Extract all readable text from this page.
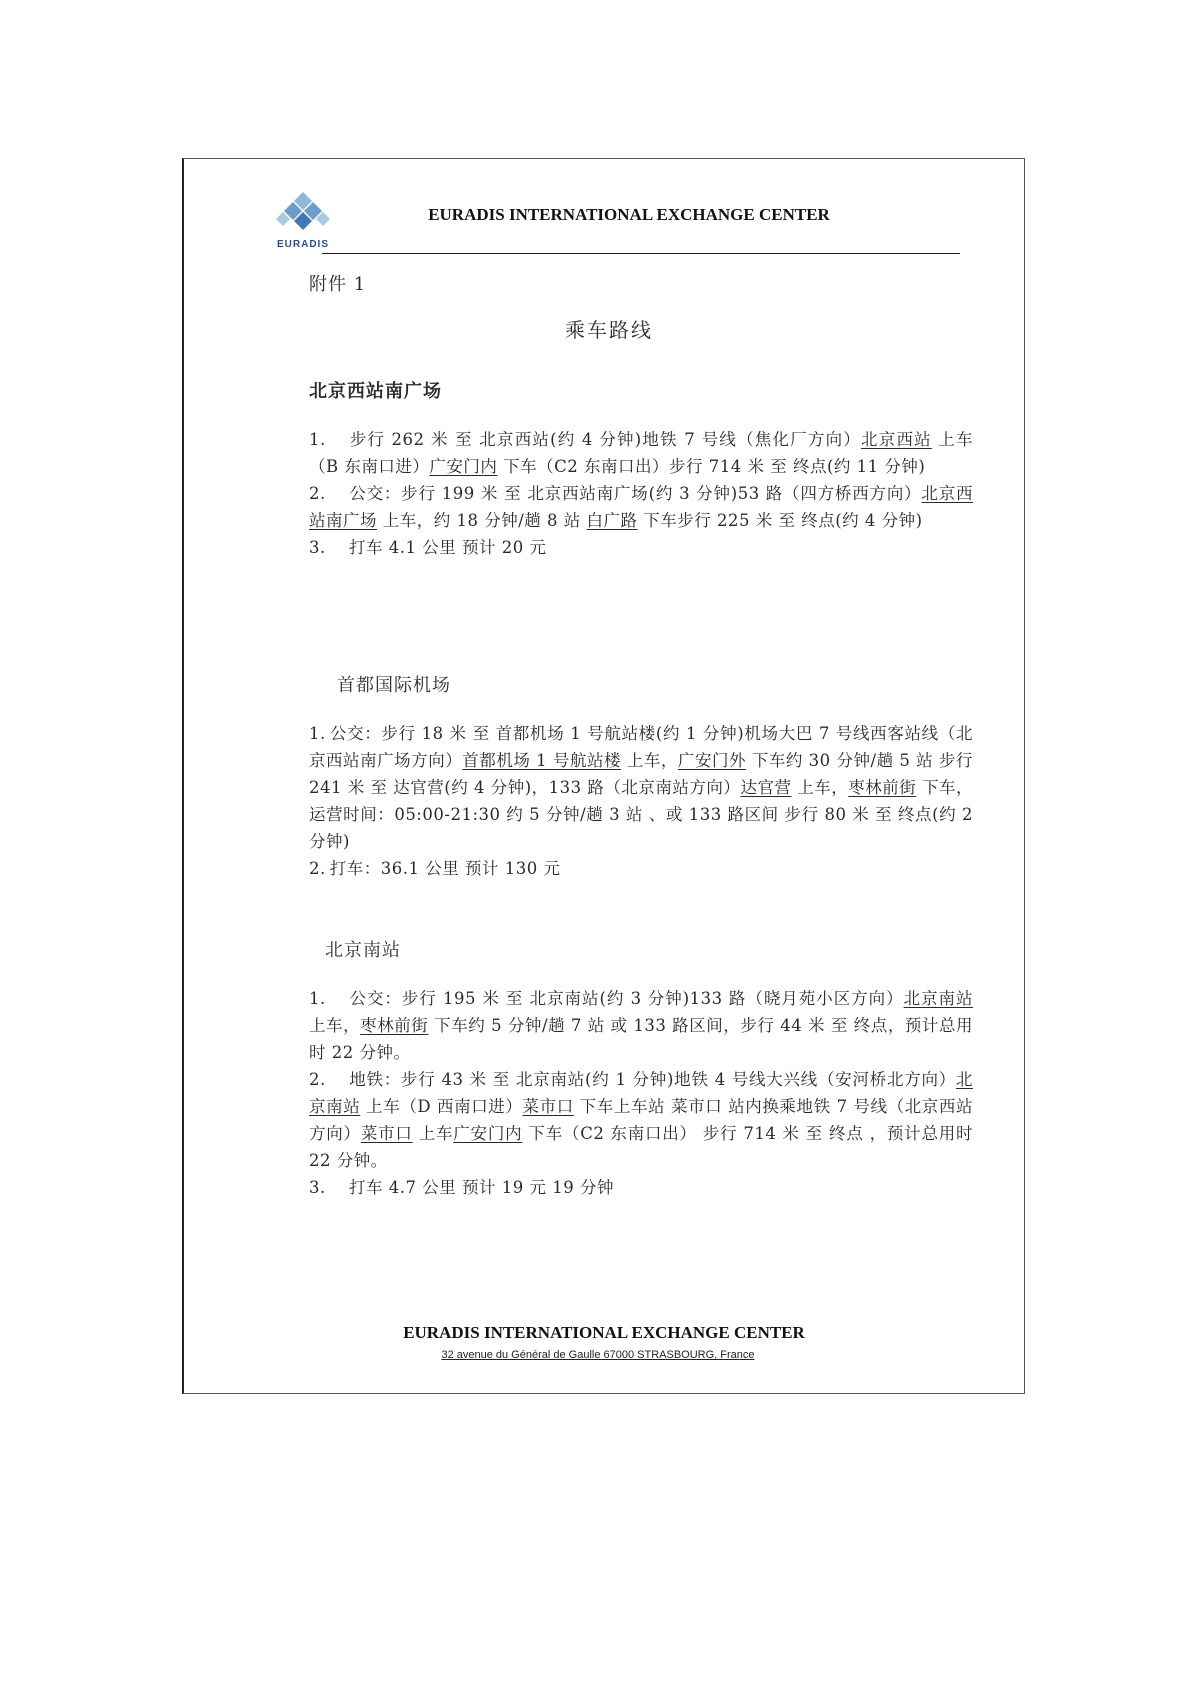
EURADIS
EURADIS INTERNATIONAL EXCHANGE CENTER
附件 1
乘车路线

北京西站南广场

1. 步行 262 米 至 北京西站(约 4 分钟)地铁 7 号线（焦化厂方向）北京西站 上车（B 东南口进）广安门内 下车（C2 东南口出）步行 714 米 至 终点(约 11 分钟)

2. 公交：步行 199 米 至 北京西站南广场(约 3 分钟)53 路（四方桥西方向）北京西站南广场 上车，约 18 分钟/趟 8 站 白广路 下车步行 225 米 至 终点(约 4 分钟)

3. 打车 4.1 公里 预计 20 元

首都国际机场

1. 公交：步行 18 米 至 首都机场 1 号航站楼(约 1 分钟)机场大巴 7 号线西客站线（北京西站南广场方向）首都机场 1 号航站楼 上车，广安门外 下车约 30 分钟/趟 5 站 步行 241 米 至 达官营(约 4 分钟)，133 路（北京南站方向）达官营 上车，枣林前街 下车，运营时间：05:00-21:30 约 5 分钟/趟 3 站 、或 133 路区间 步行 80 米 至 终点(约 2 分钟)

2. 打车：36.1 公里 预计 130 元

北京南站

1. 公交：步行 195 米 至 北京南站(约 3 分钟)133 路（晓月苑小区方向）北京南站 上车，枣林前街 下车约 5 分钟/趟 7 站 或 133 路区间，步行 44 米 至 终点，预计总用时 22 分钟。

2. 地铁：步行 43 米 至 北京南站(约 1 分钟)地铁 4 号线大兴线（安河桥北方向）北京南站 上车（D 西南口进）菜市口 下车上车站 菜市口 站内换乘地铁 7 号线（北京西站方向）菜市口 上车广安门内 下车（C2 东南口出） 步行 714 米 至 终点 ，预计总用时 22 分钟。

3. 打车 4.7 公里 预计 19 元 19 分钟

EURADIS INTERNATIONAL EXCHANGE CENTER
32 avenue du Général de Gaulle 67000 STRASBOURG, France
